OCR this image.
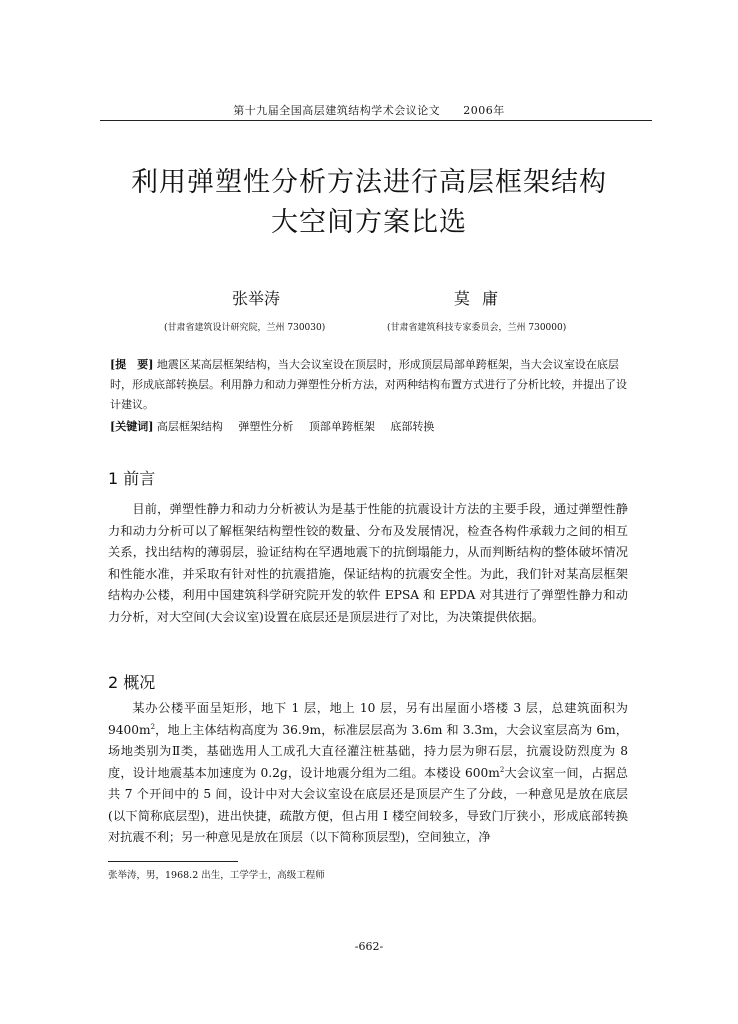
第十九届全国高层建筑结构学术会议论文　　2006年
利用弹塑性分析方法进行高层框架结构
大空间方案比选
张举涛	莫庸
(甘肃省建筑设计研究院，兰州 730030)	(甘肃省建筑科技专家委员会，兰州 730000)
[提　要] 地震区某高层框架结构，当大会议室设在顶层时，形成顶层局部单跨框架，当大会议室设在底层时，形成底部转换层。利用静力和动力弹塑性分析方法，对两种结构布置方式进行了分析比较，并提出了设计建议。
[关键词] 高层框架结构 弹塑性分析 顶部单跨框架 底部转换
1 前言
目前，弹塑性静力和动力分析被认为是基于性能的抗震设计方法的主要手段，通过弹塑性静力和动力分析可以了解框架结构塑性铰的数量、分布及发展情况，检查各构件承载力之间的相互关系，找出结构的薄弱层，验证结构在罕遇地震下的抗倒塌能力，从而判断结构的整体破坏情况和性能水准，并采取有针对性的抗震措施，保证结构的抗震安全性。为此，我们针对某高层框架结构办公楼，利用中国建筑科学研究院开发的软件 EPSA 和 EPDA 对其进行了弹塑性静力和动力分析，对大空间(大会议室)设置在底层还是顶层进行了对比，为决策提供依据。
2 概况
某办公楼平面呈矩形，地下 1 层，地上 10 层，另有出屋面小塔楼 3 层，总建筑面积为 $9400m^2$，地上主体结构高度为 36.9m，标准层层高为 3.6m 和 3.3m，大会议室层高为 6m，场地类别为Ⅱ类，基础选用人工成孔大直径灌注桩基础，持力层为卵石层，抗震设防烈度为 8 度，设计地震基本加速度为 0.2g，设计地震分组为二组。本楼设 $600m^2$大会议室一间，占据总共 7 个开间中的 5 间，设计中对大会议室设在底层还是顶层产生了分歧，一种意见是放在底层(以下简称底层型)，进出快捷，疏散方便，但占用 I 楼空间较多，导致门厅狭小，形成底部转换对抗震不利；另一种意见是放在顶层（以下简称顶层型)，空间独立，净
张举涛，男，1968.2 出生，工学学士，高级工程师
-662-
